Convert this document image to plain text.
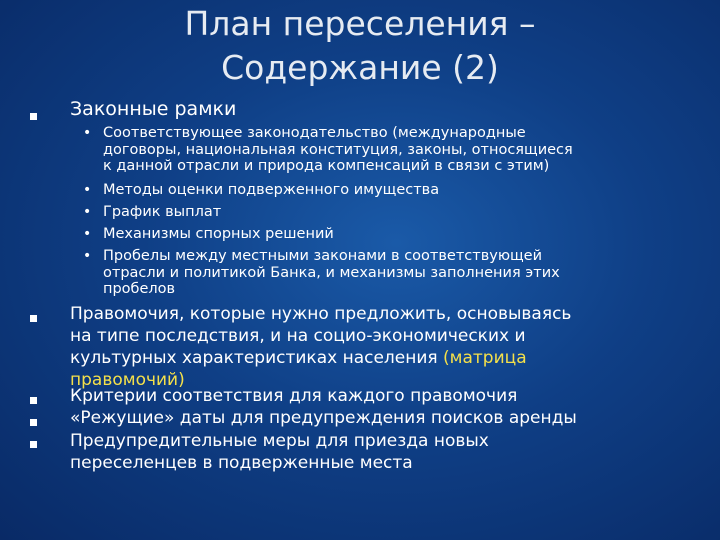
План переселения –
Содержание (2)
Законные рамки
• Соответствующее законодательство (международные
договоры, национальная конституция, законы, относящиеся
к данной отрасли и природа компенсаций в связи с этим)
• Методы оценки подверженного имущества
• График выплат
• Механизмы спорных решений
• Пробелы между местными законами в соответствующей
отрасли и политикой Банка, и механизмы заполнения этих
пробелов
Правомочия, которые нужно предложить, основываясь
на типе последствия, и на социо-экономических и
культурных характеристиках населения (матрица
правомочий)
Критерии соответствия для каждого правомочия
«Режущие» даты для предупреждения поисков аренды
Предупредительные меры для приезда новых
переселенцев в подверженные места
